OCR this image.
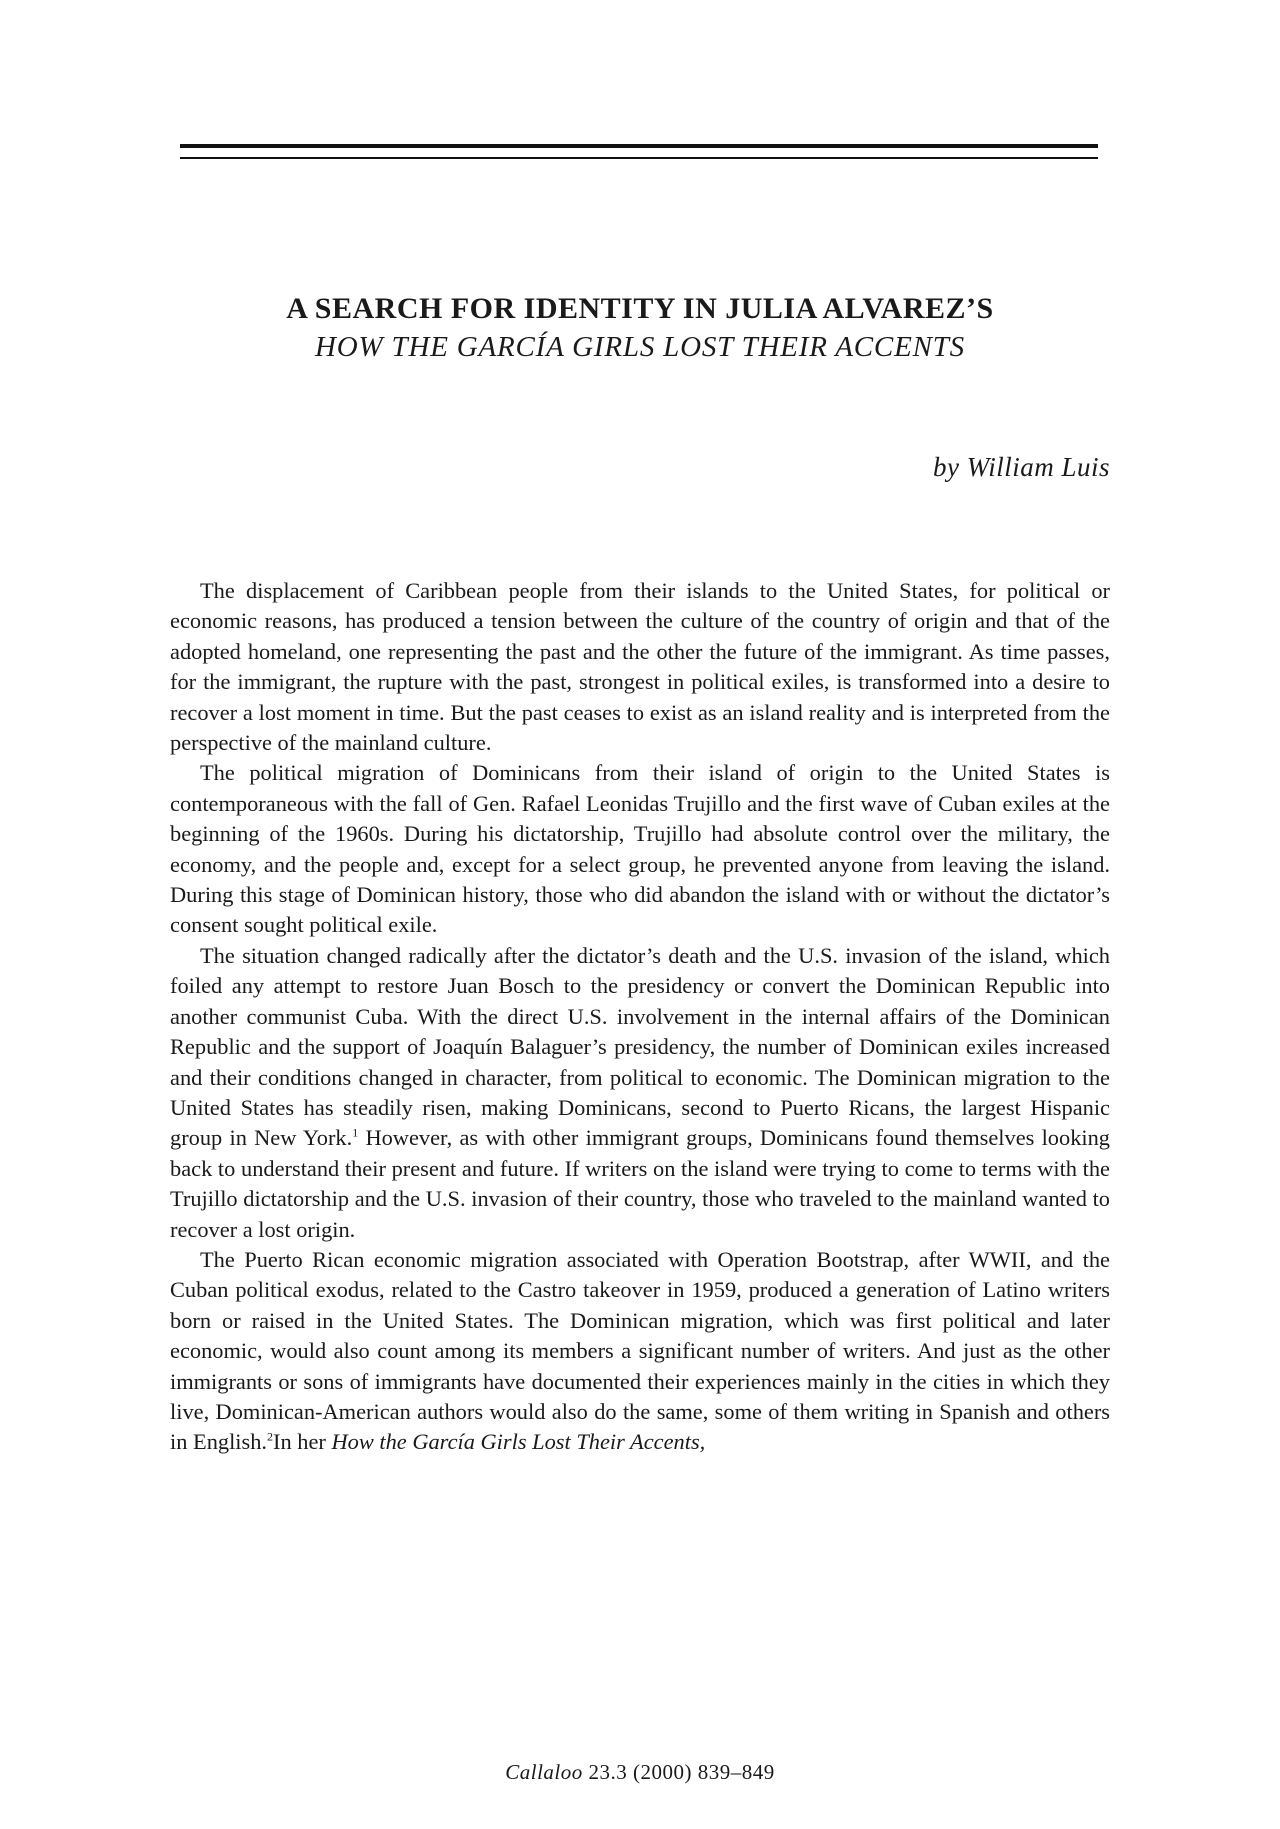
A SEARCH FOR IDENTITY IN JULIA ALVAREZ’S

HOW THE GARCÍA GIRLS LOST THEIR ACCENTS

by William Luis

The displacement of Caribbean people from their islands to the United States, for political or economic reasons, has produced a tension between the culture of the country of origin and that of the adopted homeland, one representing the past and the other the future of the immigrant. As time passes, for the immigrant, the rupture with the past, strongest in political exiles, is transformed into a desire to recover a lost moment in time. But the past ceases to exist as an island reality and is interpreted from the perspective of the mainland culture.

The political migration of Dominicans from their island of origin to the United States is contemporaneous with the fall of Gen. Rafael Leonidas Trujillo and the first wave of Cuban exiles at the beginning of the 1960s. During his dictatorship, Trujillo had absolute control over the military, the economy, and the people and, except for a select group, he prevented anyone from leaving the island. During this stage of Dominican history, those who did abandon the island with or without the dictator’s consent sought political exile.

The situation changed radically after the dictator’s death and the U.S. invasion of the island, which foiled any attempt to restore Juan Bosch to the presidency or convert the Dominican Republic into another communist Cuba. With the direct U.S. involvement in the internal affairs of the Dominican Republic and the support of Joaquín Balaguer’s presidency, the number of Dominican exiles increased and their conditions changed in character, from political to economic. The Dominican migration to the United States has steadily risen, making Dominicans, second to Puerto Ricans, the largest Hispanic group in New York.$^1$ However, as with other immigrant groups, Dominicans found themselves looking back to understand their present and future. If writers on the island were trying to come to terms with the Trujillo dictatorship and the U.S. invasion of their country, those who traveled to the mainland wanted to recover a lost origin.

The Puerto Rican economic migration associated with Operation Bootstrap, after WWII, and the Cuban political exodus, related to the Castro takeover in 1959, produced a generation of Latino writers born or raised in the United States. The Dominican migration, which was first political and later economic, would also count among its members a significant number of writers. And just as the other immigrants or sons of immigrants have documented their experiences mainly in the cities in which they live, Dominican-American authors would also do the same, some of them writing in Spanish and others in English.$^2$In her How the García Girls Lost Their Accents,

Callaloo 23.3 (2000) 839–849
